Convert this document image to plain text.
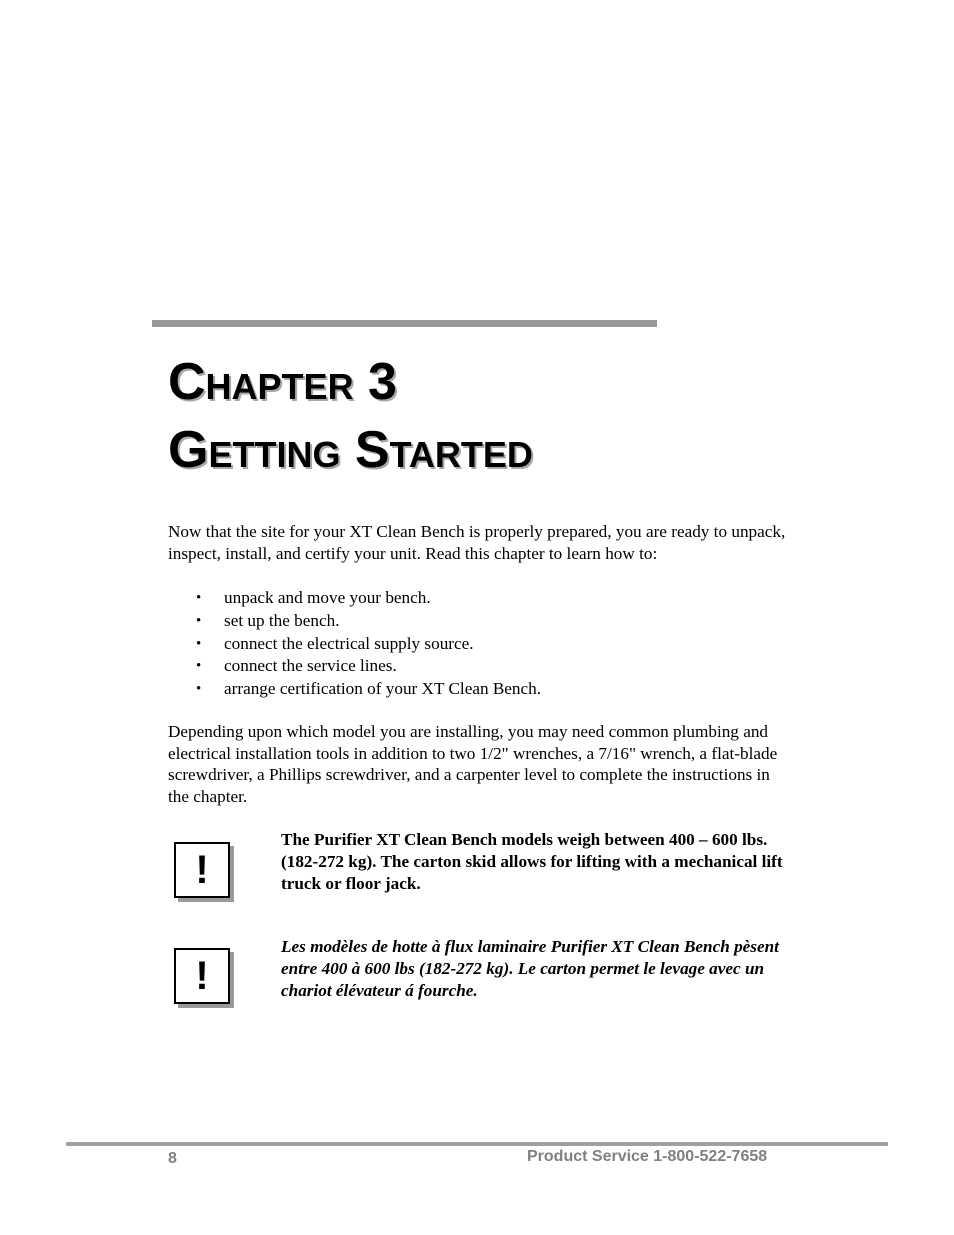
Chapter 3
Getting Started
Now that the site for your XT Clean Bench is properly prepared, you are ready to unpack, inspect, install, and certify your unit. Read this chapter to learn how to:
• unpack and move your bench.
• set up the bench.
• connect the electrical supply source.
• connect the service lines.
• arrange certification of your XT Clean Bench.
Depending upon which model you are installing, you may need common plumbing and electrical installation tools in addition to two 1/2" wrenches, a 7/16" wrench, a flat-blade screwdriver, a Phillips screwdriver, and a carpenter level to complete the instructions in the chapter.
!
The Purifier XT Clean Bench models weigh between 400 – 600 lbs. (182-272 kg). The carton skid allows for lifting with a mechanical lift truck or floor jack.
!
Les modèles de hotte à flux laminaire Purifier XT Clean Bench pèsent entre 400 à 600 lbs (182-272 kg). Le carton permet le levage avec un chariot élévateur á fourche.
8	Product Service 1-800-522-7658
